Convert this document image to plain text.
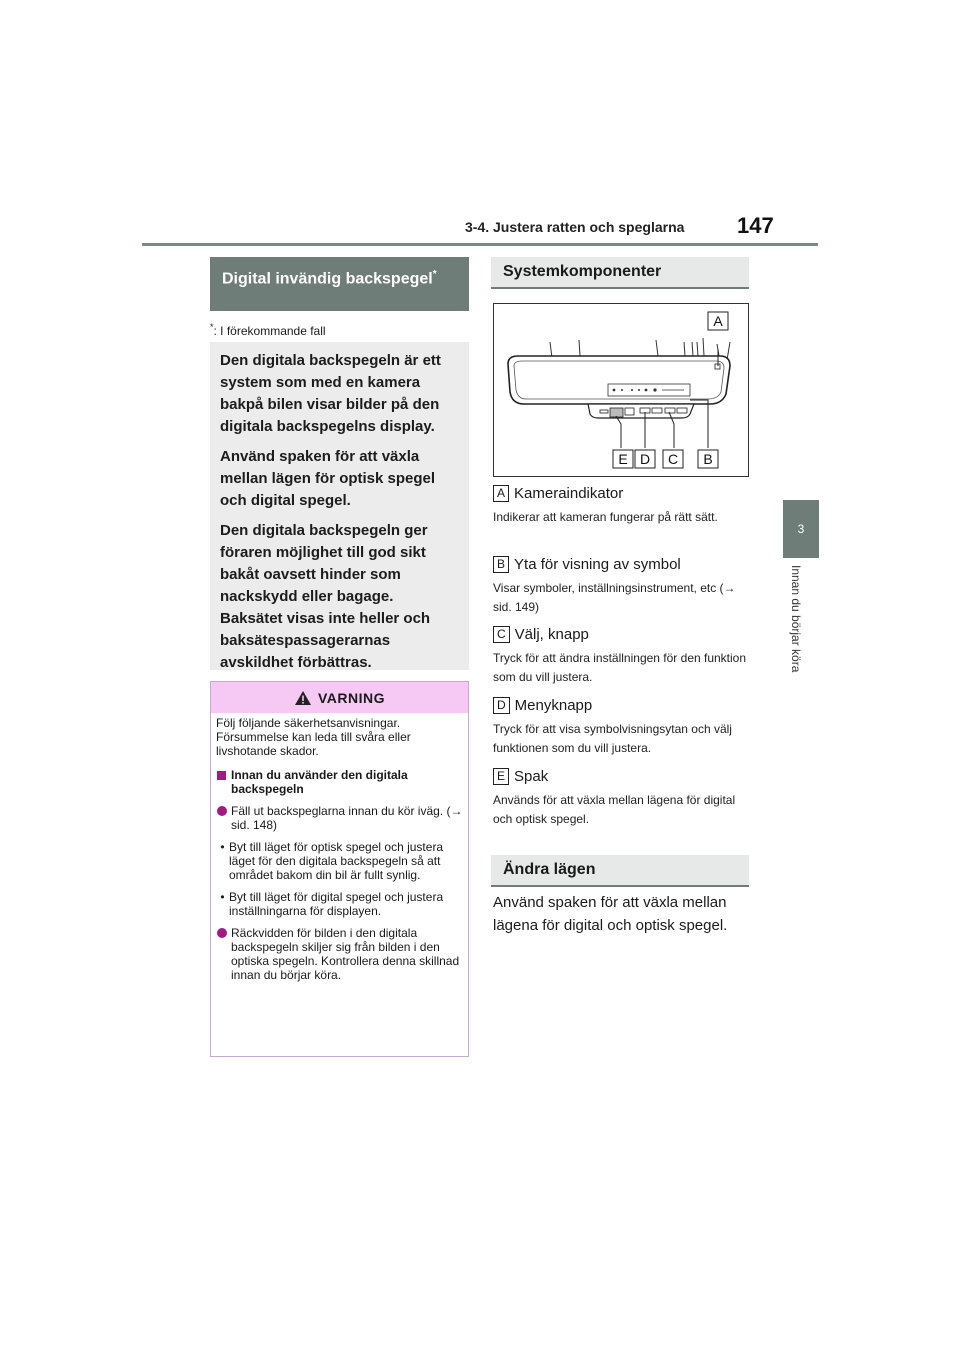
3-4. Justera ratten och speglarna 147
3
Innan du börjar köra
Digital invändig backspegel*
*: I förekommande fall

Den digitala backspegeln är ett system som med en kamera bakpå bilen visar bilder på den digitala backspegelns display.

Använd spaken för att växla mellan lägen för optisk spegel och digital spegel.

Den digitala backspegeln ger föraren möjlighet till god sikt bakåt oavsett hinder som nackskydd eller bagage. Baksätet visas inte heller och baksätespassagerarnas avskildhet förbättras.

VARNING

Följ följande säkerhetsanvisningar. Försummelse kan leda till svåra eller livshotande skador.

Innan du använder den digitala backspegeln
Fäll ut backspeglarna innan du kör iväg. (→ sid. 148)
• Byt till läget för optisk spegel och justera läget för den digitala backspegeln så att området bakom din bil är fullt synlig.
• Byt till läget för digital spegel och justera inställningarna för displayen.
Räckvidden för bilden i den digitala backspegeln skiljer sig från bilden i den optiska spegeln. Kontrollera denna skillnad innan du börjar köra.
Systemkomponenter
A
B
C
D
E
A Kameraindikator
Indikerar att kameran fungerar på rätt sätt.
B Yta för visning av symbol
Visar symboler, inställningsinstrument, etc (→ sid. 149)
C Välj, knapp
Tryck för att ändra inställningen för den funktion som du vill justera.
D Menyknapp
Tryck för att visa symbolvisningsytan och välj funktionen som du vill justera.
E Spak
Används för att växla mellan lägena för digital och optisk spegel.
Ändra lägen
Använd spaken för att växla mellan lägena för digital och optisk spegel.
